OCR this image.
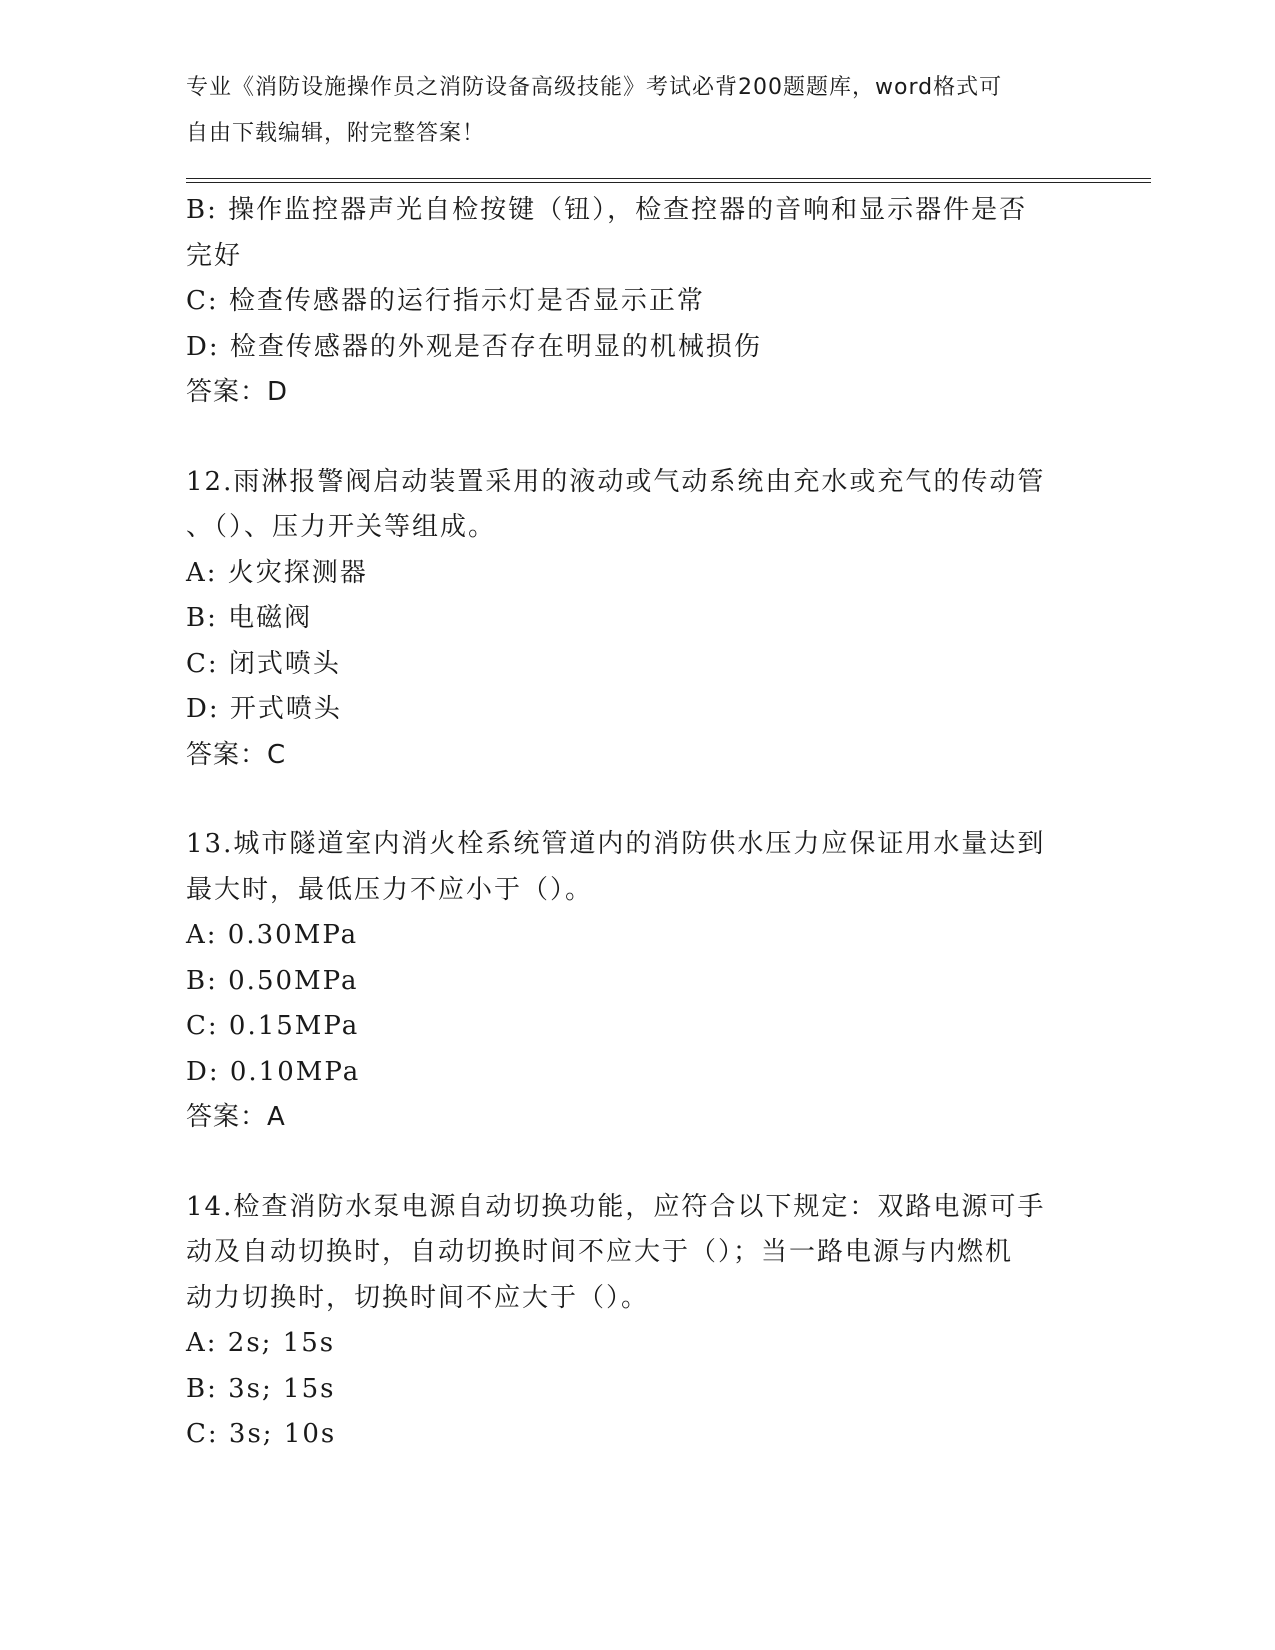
专业《消防设施操作员之消防设备高级技能》考试必背200题题库，word格式可
自由下载编辑，附完整答案！
B: 操作监控器声光自检按键（钮），检查控器的音响和显示器件是否
完好
C: 检查传感器的运行指示灯是否显示正常
D: 检查传感器的外观是否存在明显的机械损伤
答案：D
12.雨淋报警阀启动装置采用的液动或气动系统由充水或充气的传动管
、（）、压力开关等组成。
A: 火灾探测器
B: 电磁阀
C: 闭式喷头
D: 开式喷头
答案：C
13.城市隧道室内消火栓系统管道内的消防供水压力应保证用水量达到
最大时，最低压力不应小于（）。
A: 0.30MPa
B: 0.50MPa
C: 0.15MPa
D: 0.10MPa
答案：A
14.检查消防水泵电源自动切换功能，应符合以下规定：双路电源可手
动及自动切换时，自动切换时间不应大于（）；当一路电源与内燃机
动力切换时，切换时间不应大于（）。
A: 2s; 15s
B: 3s; 15s
C: 3s; 10s
